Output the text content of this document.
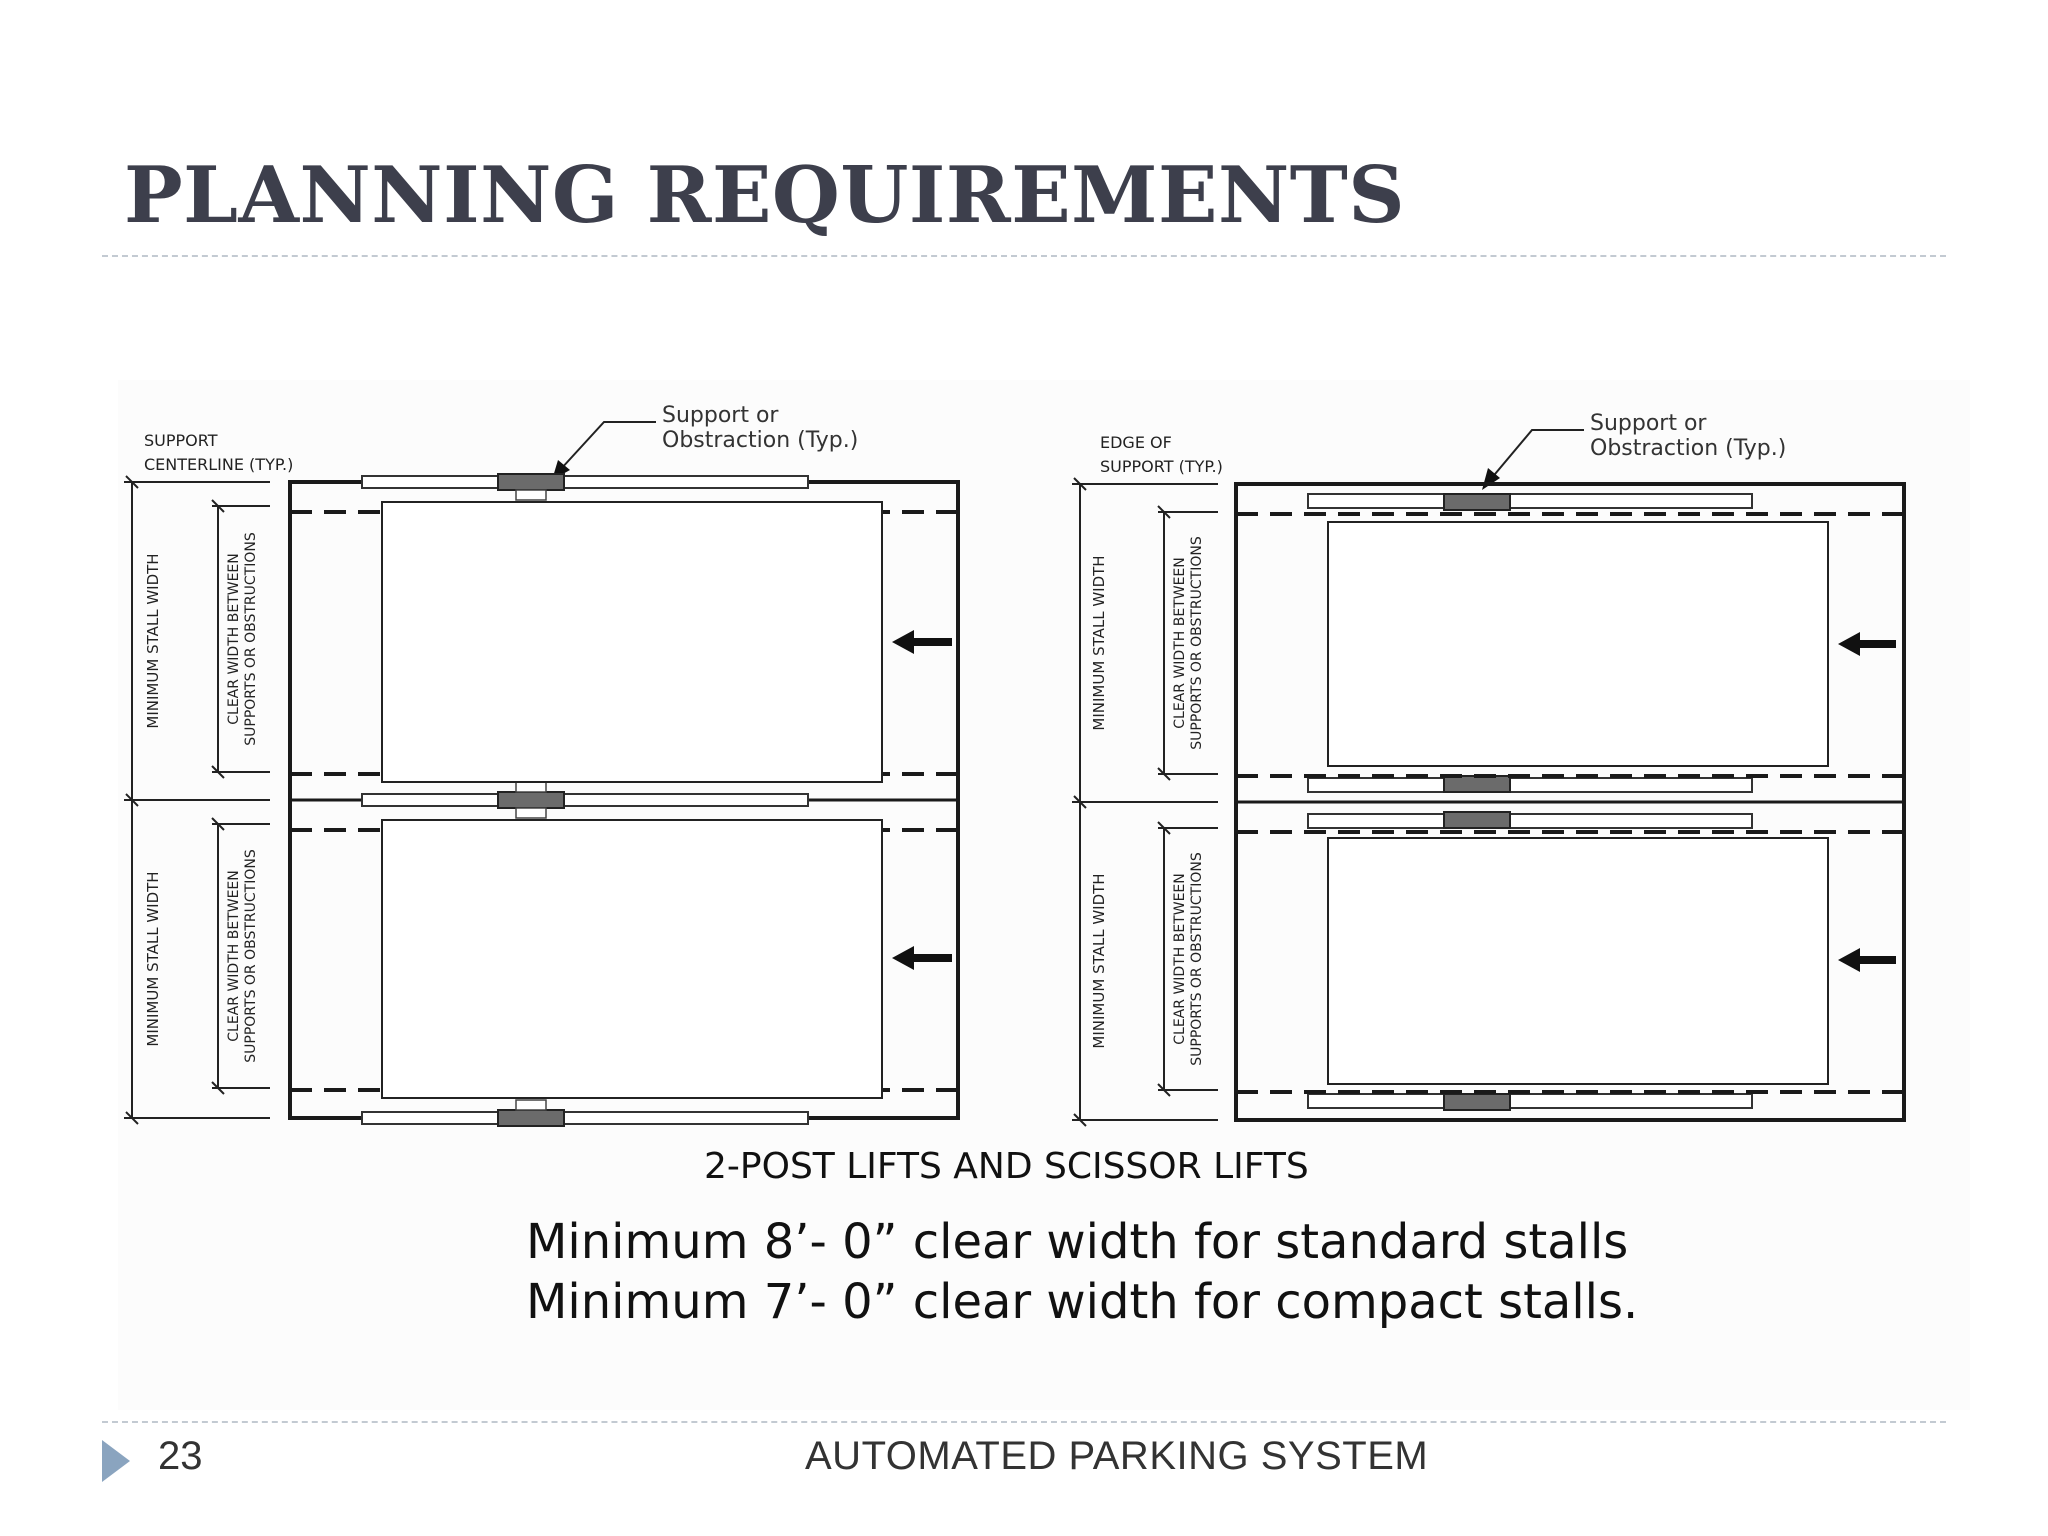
PLANNING REQUIREMENTS
SUPPORT
CENTERLINE (TYP.)
Support or
Obstraction (Typ.)
MINIMUM STALL WIDTH
MINIMUM STALL WIDTH
CLEAR WIDTH BETWEEN SUPPORTS OR OBSTRUCTIONS
CLEAR WIDTH BETWEEN SUPPORTS OR OBSTRUCTIONS
EDGE OF
SUPPORT (TYP.)
Support or
Obstraction (Typ.)
MINIMUM STALL WIDTH
MINIMUM STALL WIDTH
CLEAR WIDTH BETWEEN SUPPORTS OR OBSTRUCTIONS
CLEAR WIDTH BETWEEN SUPPORTS OR OBSTRUCTIONS
2-POST LIFTS AND SCISSOR LIFTS
Minimum 8’- 0” clear width for standard stalls
Minimum 7’- 0” clear width for compact stalls.
23	AUTOMATED PARKING SYSTEM
